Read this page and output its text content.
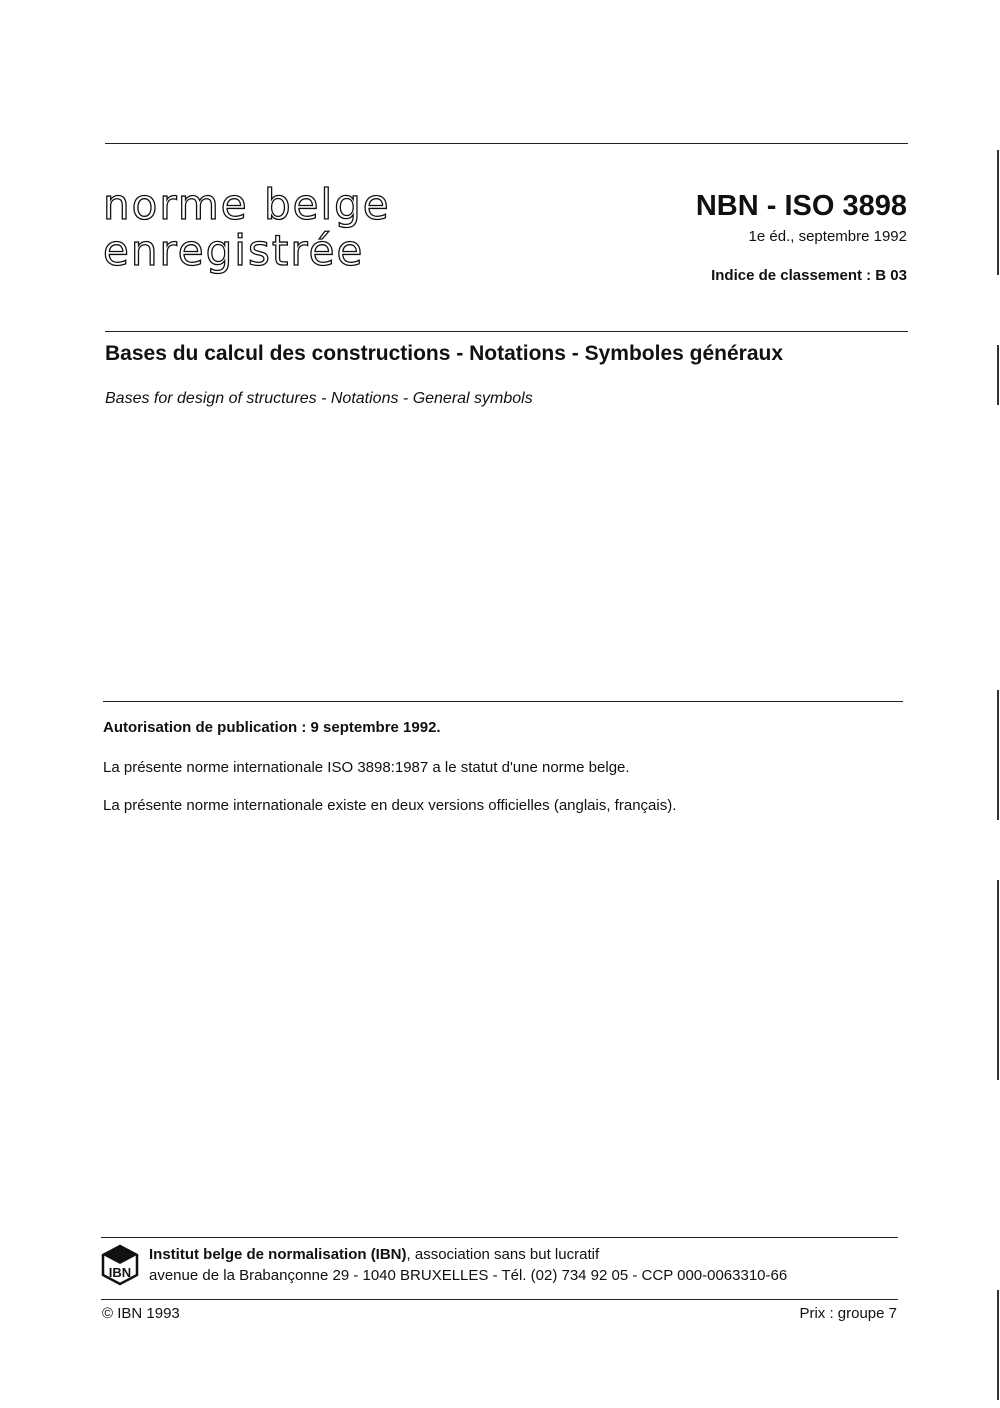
norme belge
enregistrée
NBN - ISO 3898
1e éd., septembre 1992
Indice de classement : B 03
Bases du calcul des constructions - Notations - Symboles généraux
Bases for design of structures - Notations - General symbols
Autorisation de publication : 9 septembre 1992.
La présente norme internationale ISO 3898:1987 a le statut d'une norme belge.
La présente norme internationale existe en deux versions officielles (anglais, français).
IBN
Institut belge de normalisation (IBN), association sans but lucratif
avenue de la Brabançonne 29 - 1040 BRUXELLES - Tél. (02) 734 92 05 - CCP 000-0063310-66
© IBN 1993	Prix : groupe 7
